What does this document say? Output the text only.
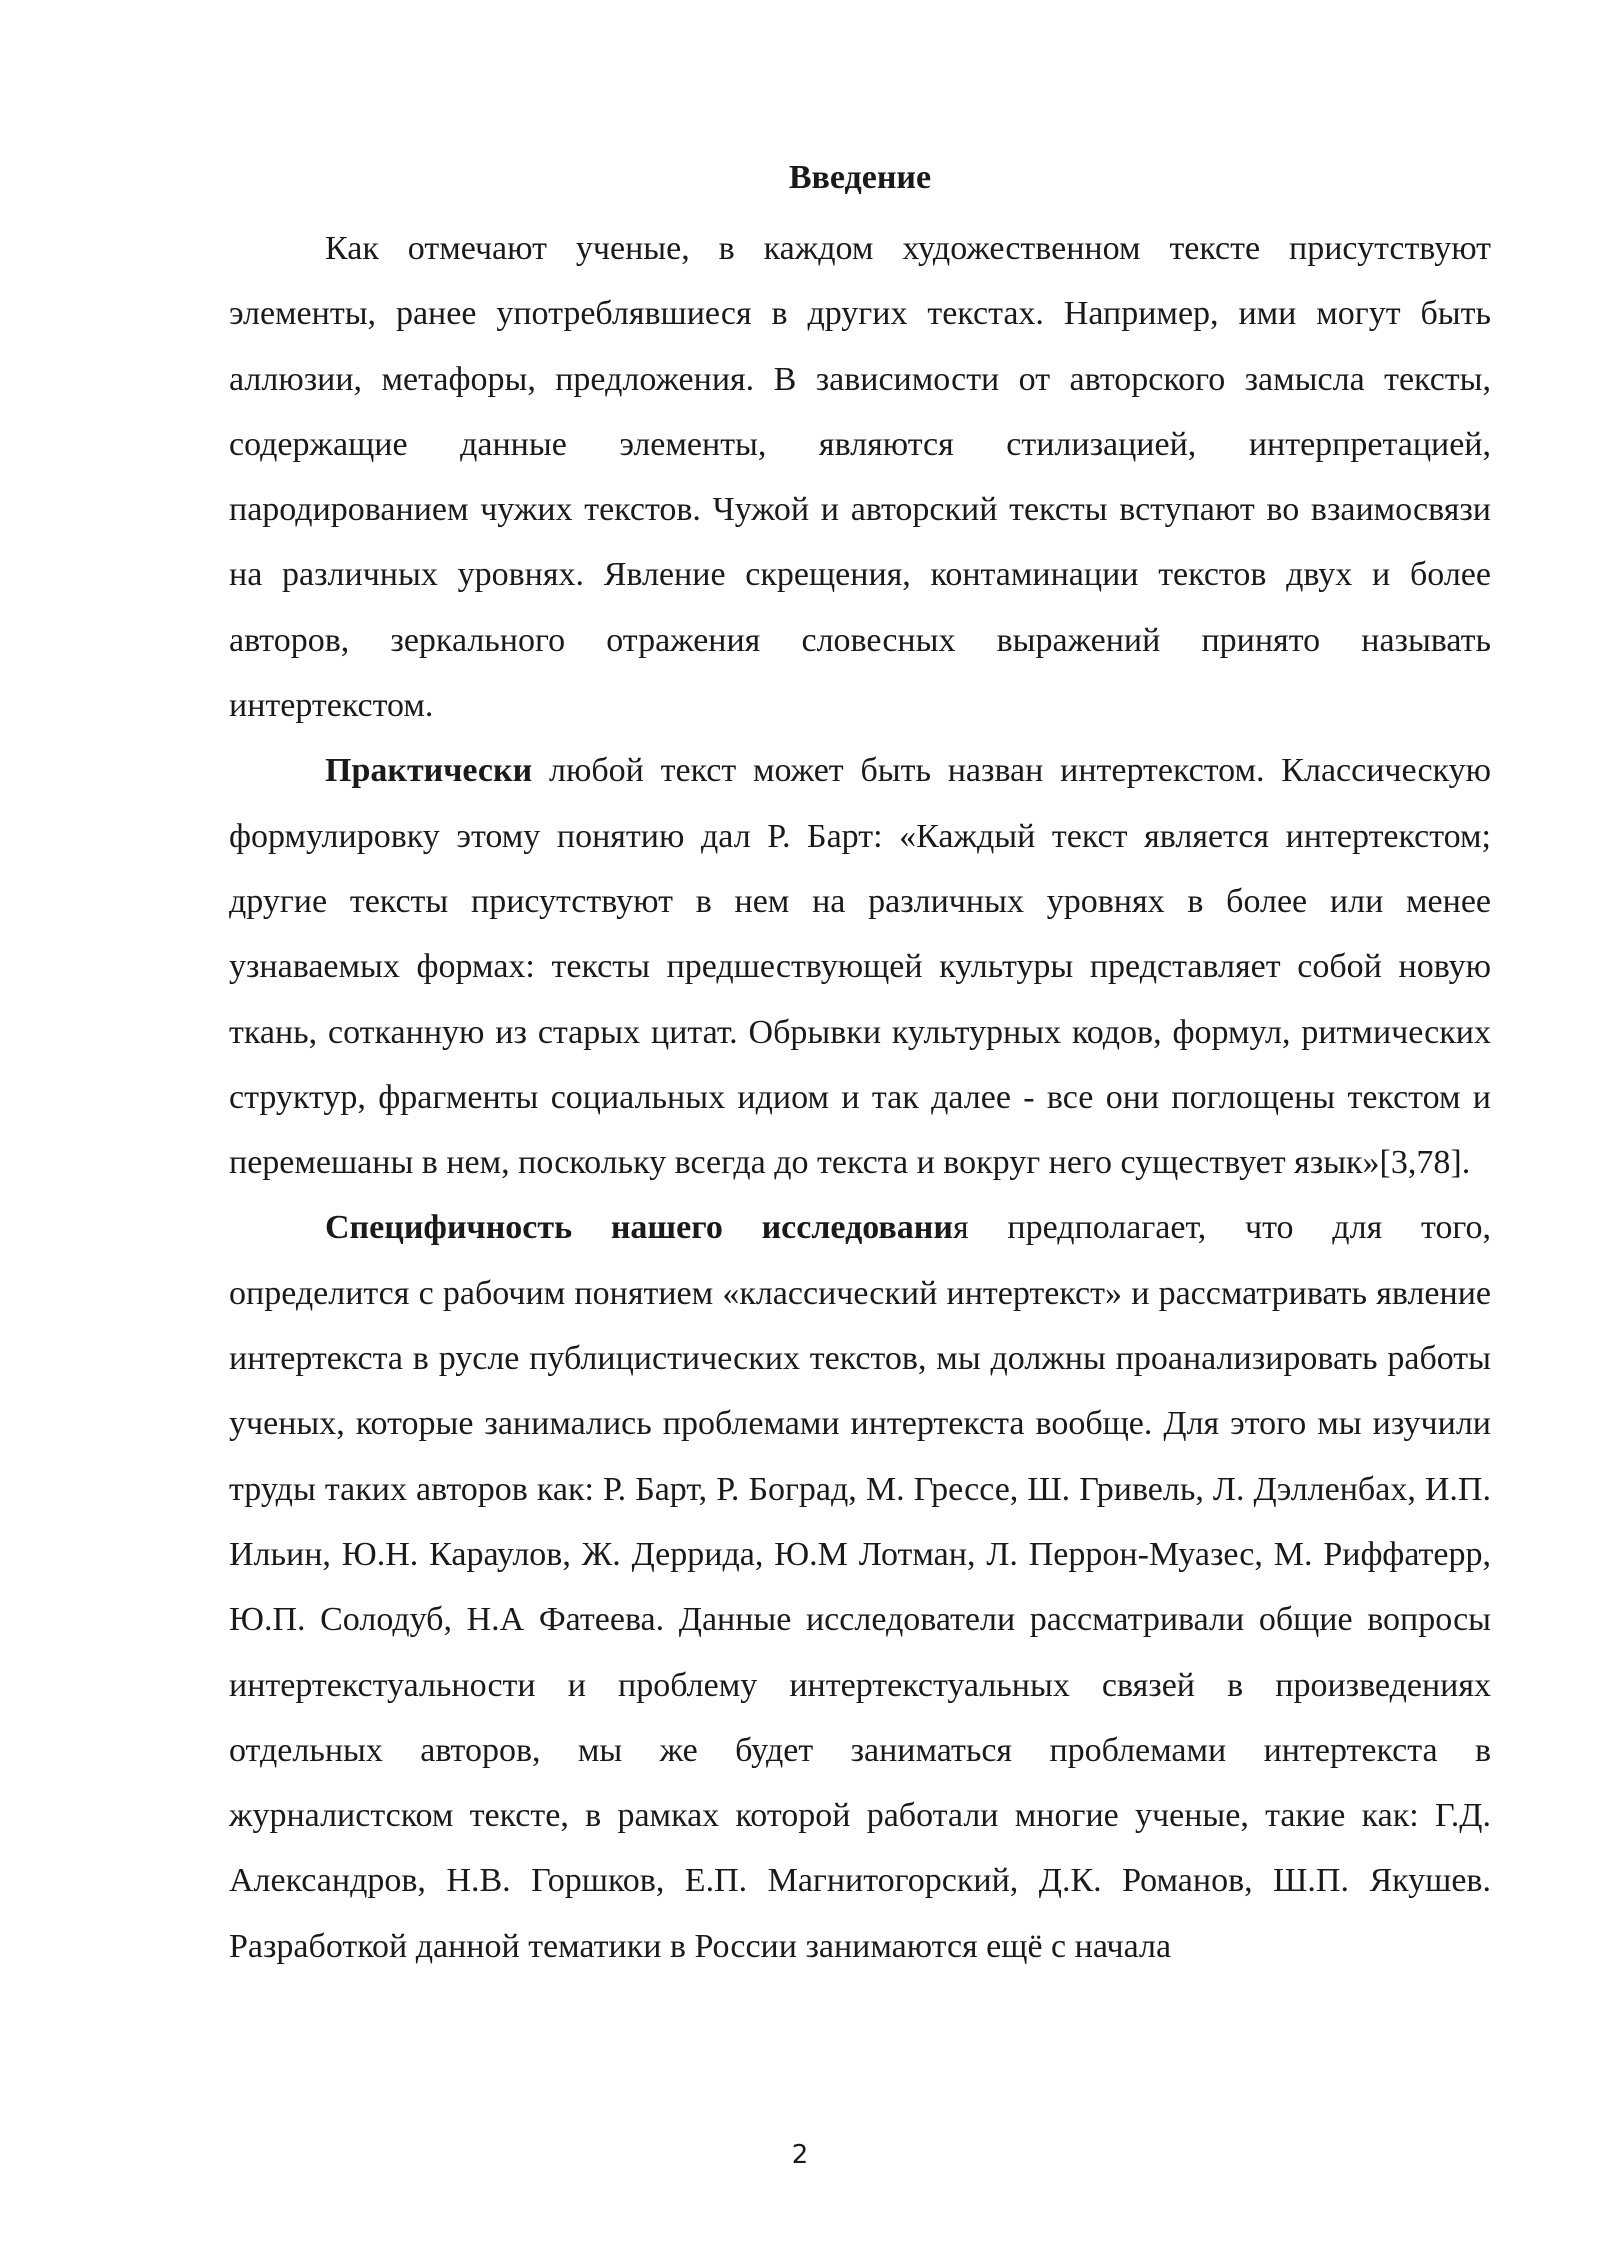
Введение

Как отмечают ученые, в каждом художественном тексте присутствуют элементы, ранее употреблявшиеся в других текстах. Например, ими могут быть аллюзии, метафоры, предложения. В зависимости от авторского замысла тексты, содержащие данные элементы, являются стилизацией, интерпретацией, пародированием чужих текстов. Чужой и авторский тексты вступают во взаимосвязи на различных уровнях. Явление скрещения, контаминации текстов двух и более авторов, зеркального отражения словесных выражений принято называть интертекстом.

Практически любой текст может быть назван интертекстом. Классическую формулировку этому понятию дал Р. Барт: «Каждый текст является интертекстом; другие тексты присутствуют в нем на различных уровнях в более или менее узнаваемых формах: тексты предшествующей культуры представляет собой новую ткань, сотканную из старых цитат. Обрывки культурных кодов, формул, ритмических структур, фрагменты социальных идиом и так далее - все они поглощены текстом и перемешаны в нем, поскольку всегда до текста и вокруг него существует язык»[3,78].

Специфичность нашего исследования предполагает, что для того, определится с рабочим понятием «классический интертекст» и рассматривать явление интертекста в русле публицистических текстов, мы должны проанализировать работы ученых, которые занимались проблемами интертекста вообще. Для этого мы изучили труды таких авторов как: Р. Барт, Р. Боград, М. Грессе, Ш. Гривель, Л. Дэлленбах, И.П. Ильин, Ю.Н. Караулов, Ж. Деррида, Ю.М Лотман, Л. Перрон-Муазес, М. Риффатерр, Ю.П. Солодуб, Н.А Фатеева. Данные исследователи рассматривали общие вопросы интертекстуальности и проблему интертекстуальных связей в произведениях отдельных авторов, мы же будет заниматься проблемами интертекста в журналистском тексте, в рамках которой работали многие ученые, такие как: Г.Д. Александров, Н.В. Горшков, Е.П. Магнитогорский, Д.К. Романов, Ш.П. Якушев. Разработкой данной тематики в России занимаются ещё с начала

2
